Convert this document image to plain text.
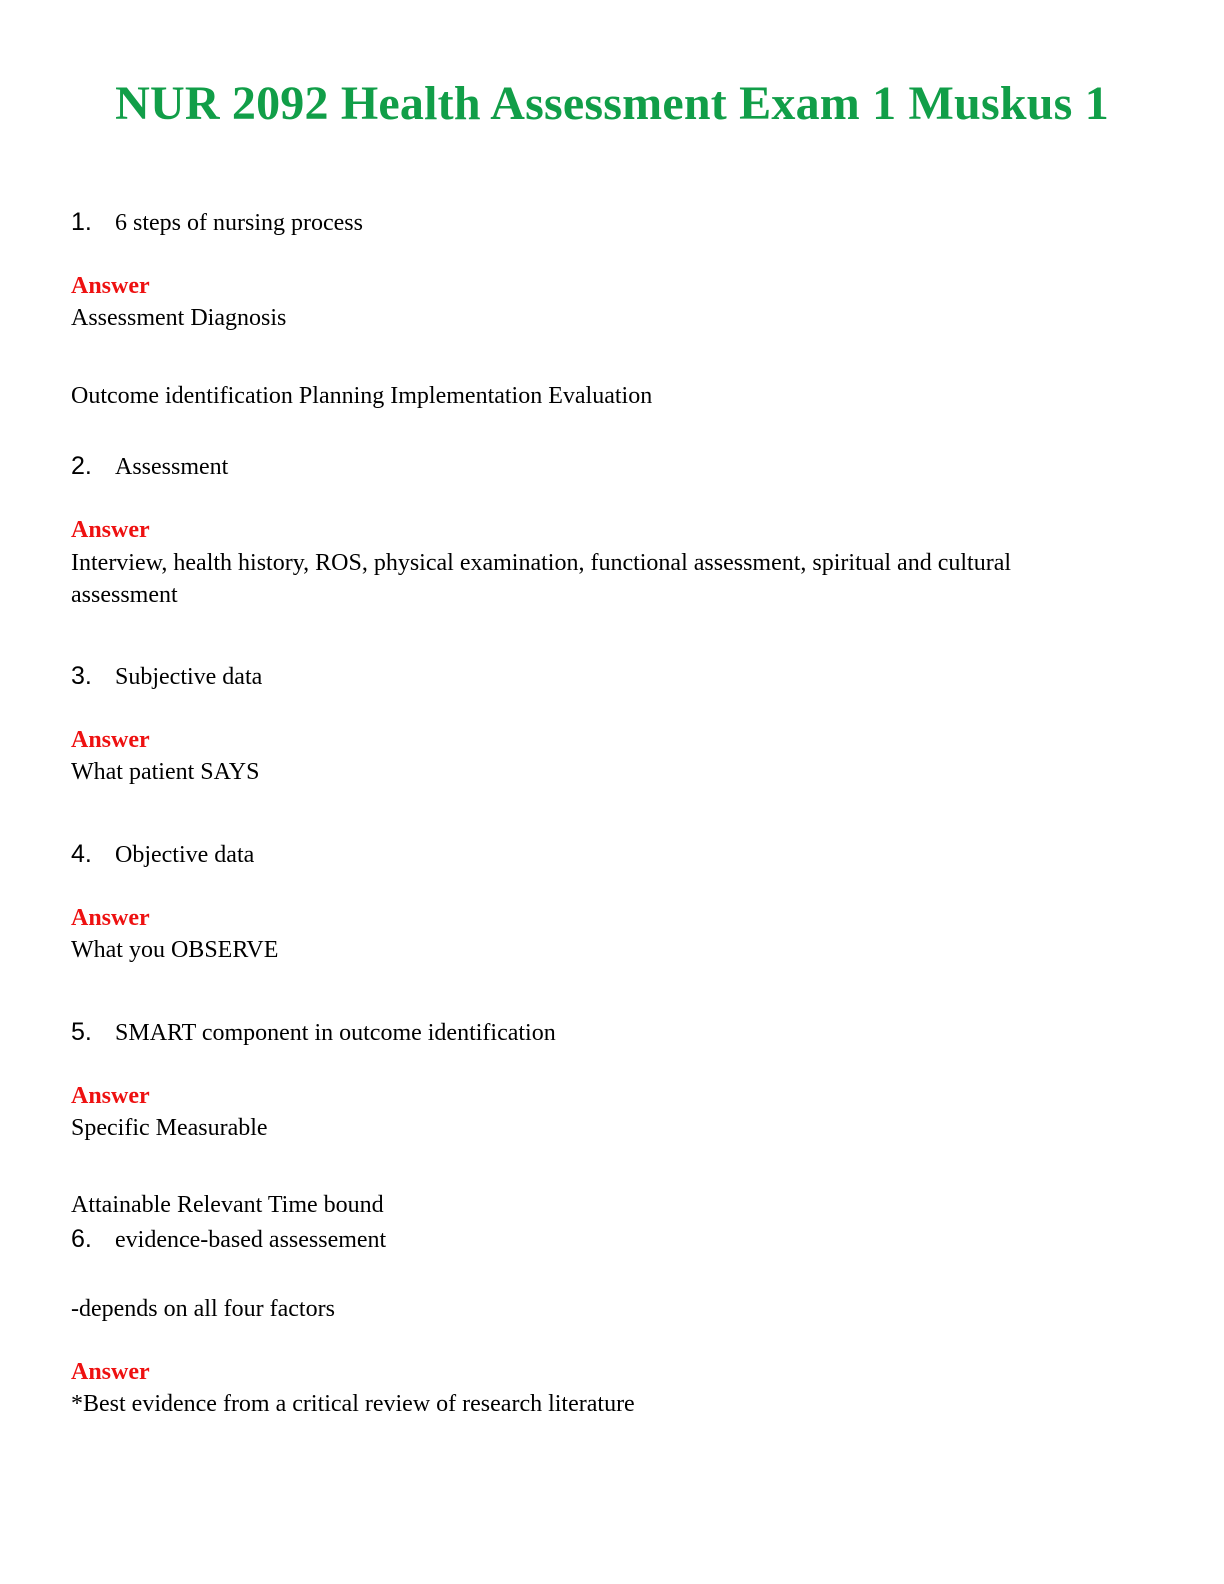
NUR 2092 Health Assessment Exam 1 Muskus 1
1. 6 steps of nursing process
Answer
Assessment Diagnosis
Outcome identification Planning Implementation Evaluation
2. Assessment
Answer
Interview, health history, ROS, physical examination, functional assessment, spiritual and cultural assessment
3. Subjective data
Answer
What patient SAYS
4. Objective data
Answer
What you OBSERVE
5. SMART component in outcome identification
Answer
Specific Measurable
Attainable Relevant Time bound
6. evidence-based assessement
-depends on all four factors
Answer
*Best evidence from a critical review of research literature
